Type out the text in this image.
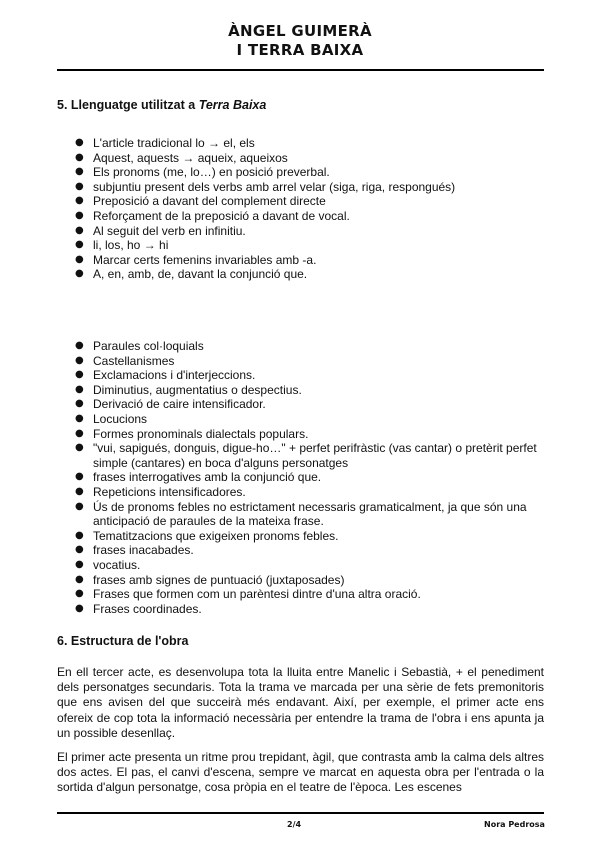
ÀNGEL GUIMERÀ
I TERRA BAIXA
5. Llenguatge utilitzat a Terra Baixa
● L'article tradicional lo → el, els
● Aquest, aquests → aqueix, aqueixos
● Els pronoms (me, lo…) en posició preverbal.
● subjuntiu present dels verbs amb arrel velar (siga, riga, respongués)
● Preposició a davant del complement directe
● Reforçament de la preposició a davant de vocal.
● Al seguit del verb en infinitiu.
● li, los, ho → hi
● Marcar certs femenins invariables amb -a.
● A, en, amb, de, davant la conjunció que.
● Paraules col·loquials
● Castellanismes
● Exclamacions i d'interjeccions.
● Diminutius, augmentatius o despectius.
● Derivació de caire intensificador.
● Locucions
● Formes pronominals dialectals populars.
● "vui, sapigués, donguis, digue-ho…" + perfet perifràstic (vas cantar) o pretèrit perfet simple (cantares) en boca d'alguns personatges
● frases interrogatives amb la conjunció que.
● Repeticions intensificadores.
● Ús de pronoms febles no estrictament necessaris gramaticalment, ja que són una anticipació de paraules de la mateixa frase.
● Tematitzacions que exigeixen pronoms febles.
● frases inacabades.
● vocatius.
● frases amb signes de puntuació (juxtaposades)
● Frases que formen com un parèntesi dintre d'una altra oració.
● Frases coordinades.
6. Estructura de l'obra

En ell tercer acte, es desenvolupa tota la lluita entre Manelic i Sebastià, + el penediment dels personatges secundaris. Tota la trama ve marcada per una sèrie de fets premonitoris que ens avisen del que succeirà més endavant. Així, per exemple, el primer acte ens ofereix de cop tota la informació necessària per entendre la trama de l'obra i ens apunta ja un possible desenllaç.

El primer acte presenta un ritme prou trepidant, àgil, que contrasta amb la calma dels altres dos actes. El pas, el canvi d'escena, sempre ve marcat en aquesta obra per l'entrada o la sortida d'algun personatge, cosa pròpia en el teatre de l'època. Les escenes

2/4	Nora Pedrosa
